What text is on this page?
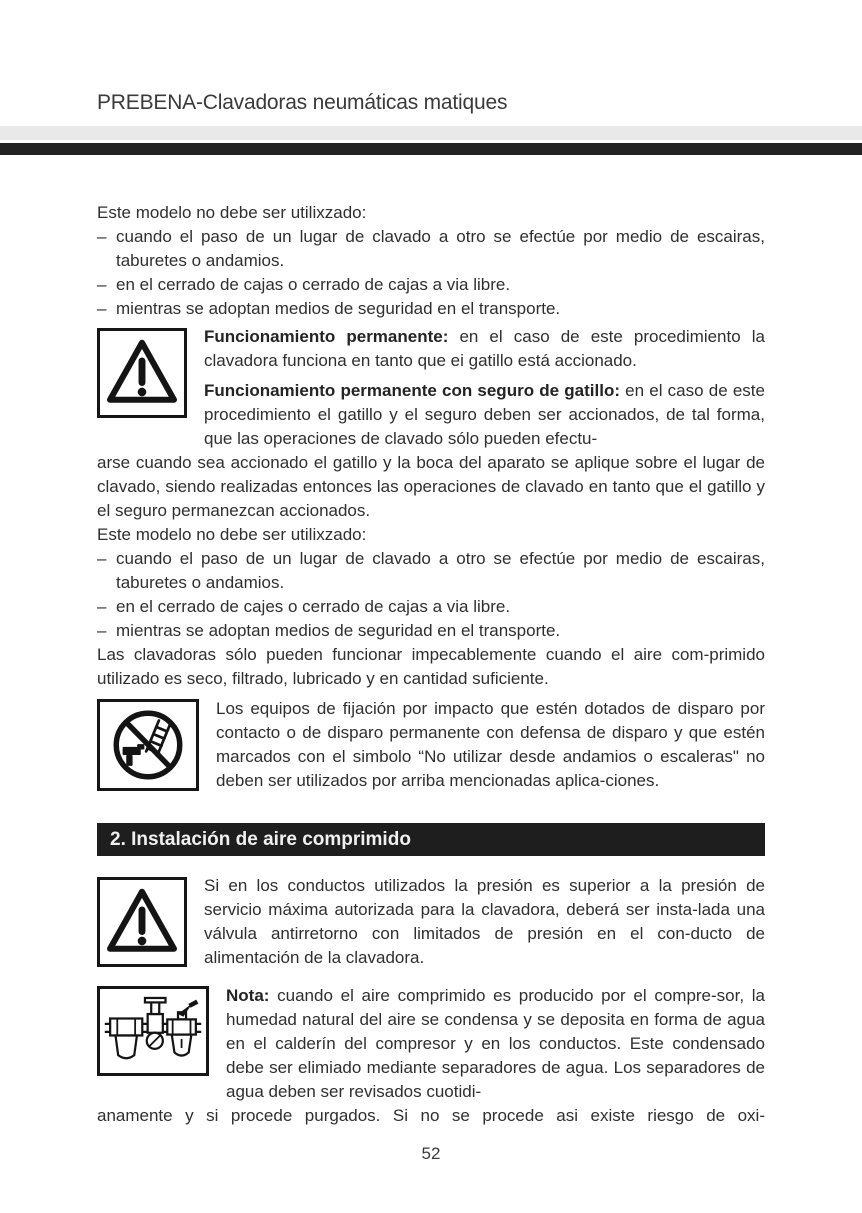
PREBENA-Clavadoras neumáticas matiques

Este modelo no debe ser utilixzado:

– cuando el paso de un lugar de clavado a otro se efectúe por medio de escairas, taburetes o andamios.
– en el cerrado de cajas o cerrado de cajas a via libre.
– mientras se adoptan medios de seguridad en el transporte.

Funcionamiento permanente: en el caso de este procedimiento la clavadora funciona en tanto que ei gatillo está accionado.

Funcionamiento permanente con seguro de gatillo: en el caso de este procedimiento el gatillo y el seguro deben ser accionados, de tal forma, que las operaciones de clavado sólo pueden efectu-

arse cuando sea accionado el gatillo y la boca del aparato se aplique sobre el lugar de clavado, siendo realizadas entonces las operaciones de clavado en tanto que el gatillo y el seguro permanezcan accionados.

Este modelo no debe ser utilixzado:

– cuando el paso de un lugar de clavado a otro se efectúe por medio de escairas, taburetes o andamios.
– en el cerrado de cajes o cerrado de cajas a via libre.
– mientras se adoptan medios de seguridad en el transporte.

Las clavadoras sólo pueden funcionar impecablemente cuando el aire com-primido utilizado es seco, filtrado, lubricado y en cantidad suficiente.

Los equipos de fijación por impacto que estén dotados de disparo por contacto o de disparo permanente con defensa de disparo y que estén marcados con el simbolo “No utilizar desde andamios o escaleras" no deben ser utilizados por arriba mencionadas aplica-ciones.

2. Instalación de aire comprimido

Si en los conductos utilizados la presión es superior a la presión de servicio máxima autorizada para la clavadora, deberá ser insta-lada una válvula antirretorno con limitados de presión en el con-ducto de alimentación de la clavadora.

Nota: cuando el aire comprimido es producido por el compre-sor, la humedad natural del aire se condensa y se deposita en forma de agua en el calderín del compresor y en los conductos. Este condensado debe ser elimiado mediante separadores de agua. Los separadores de agua deben ser revisados cuotidi-

anamente y si procede purgados. Si no se procede asi existe riesgo de oxi-

52
